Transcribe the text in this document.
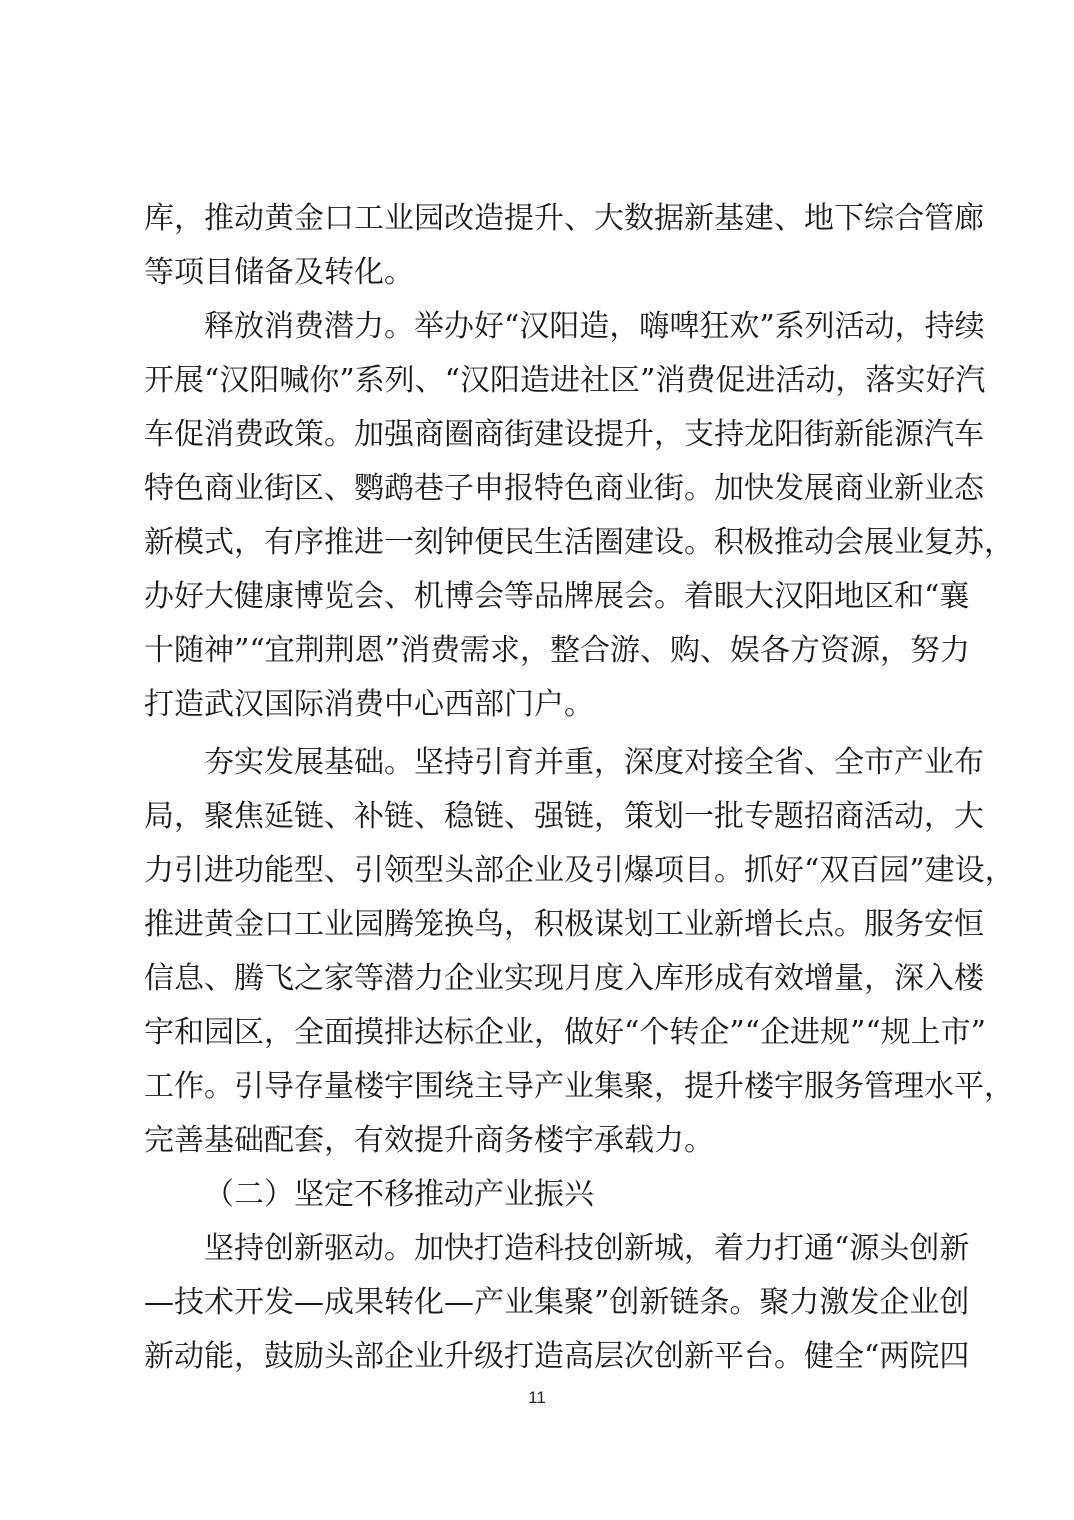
库，推动黄金口工业园改造提升、大数据新基建、地下综合管廊
等项目储备及转化。
释放消费潜力。举办好“汉阳造，嗨啤狂欢”系列活动，持续
开展“汉阳喊你”系列、“汉阳造进社区”消费促进活动，落实好汽
车促消费政策。加强商圈商街建设提升，支持龙阳街新能源汽车
特色商业街区、鹦鹉巷子申报特色商业街。加快发展商业新业态
新模式，有序推进一刻钟便民生活圈建设。积极推动会展业复苏，
办好大健康博览会、机博会等品牌展会。着眼大汉阳地区和“襄
十随神”“宜荆荆恩”消费需求，整合游、购、娱各方资源，努力
打造武汉国际消费中心西部门户。
夯实发展基础。坚持引育并重，深度对接全省、全市产业布
局，聚焦延链、补链、稳链、强链，策划一批专题招商活动，大
力引进功能型、引领型头部企业及引爆项目。抓好“双百园”建设，
推进黄金口工业园腾笼换鸟，积极谋划工业新增长点。服务安恒
信息、腾飞之家等潜力企业实现月度入库形成有效增量，深入楼
宇和园区，全面摸排达标企业，做好“个转企”“企进规”“规上市”
工作。引导存量楼宇围绕主导产业集聚，提升楼宇服务管理水平，
完善基础配套，有效提升商务楼宇承载力。
（二）坚定不移推动产业振兴
坚持创新驱动。加快打造科技创新城，着力打通“源头创新
—技术开发—成果转化—产业集聚”创新链条。聚力激发企业创
新动能，鼓励头部企业升级打造高层次创新平台。健全“两院四
11
